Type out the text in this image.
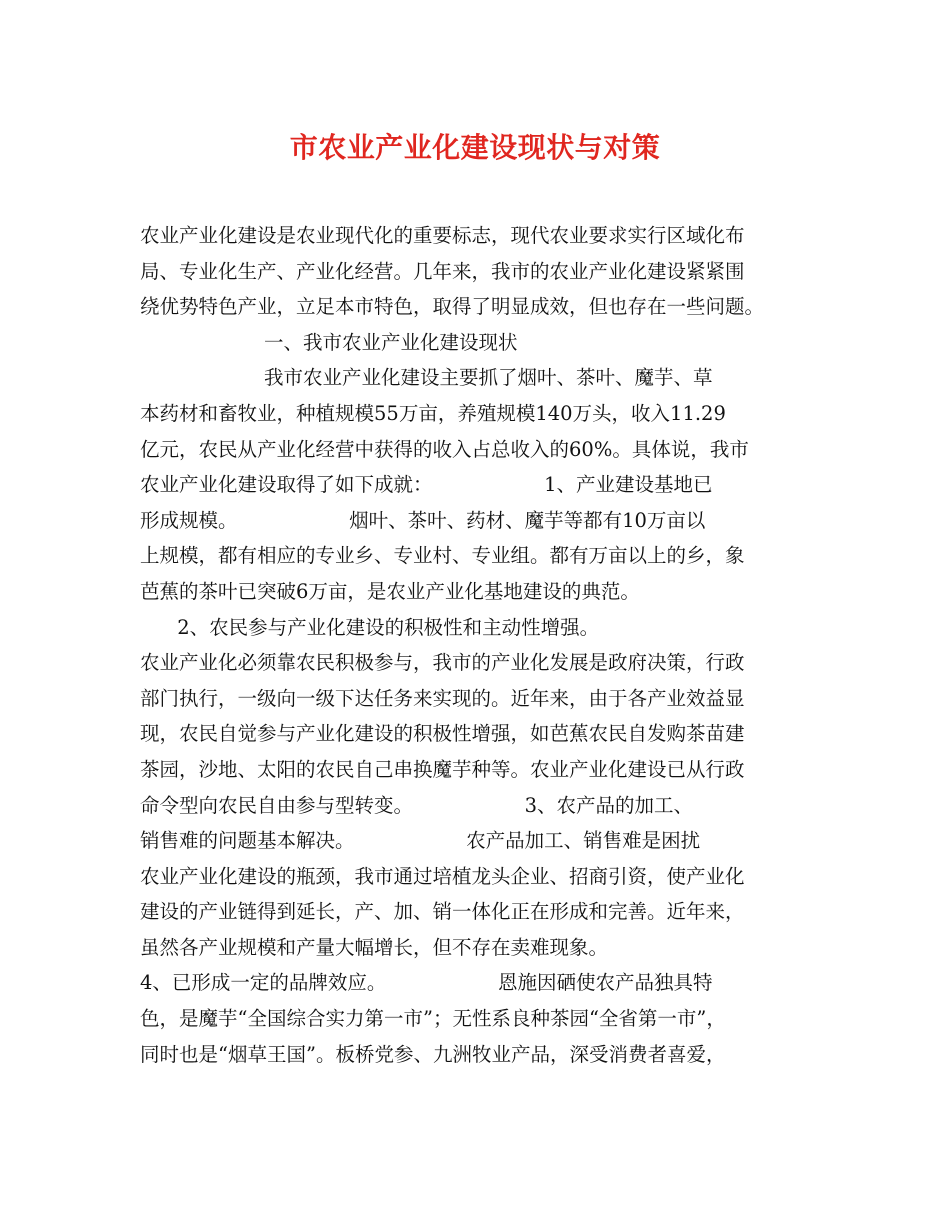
市农业产业化建设现状与对策
农业产业化建设是农业现代化的重要标志，现代农业要求实行区域化布
局、专业化生产、产业化经营。几年来，我市的农业产业化建设紧紧围
绕优势特色产业，立足本市特色，取得了明显成效，但也存在一些问题。
一、我市农业产业化建设现状
我市农业产业化建设主要抓了烟叶、茶叶、魔芋、草
本药材和畜牧业，种植规模55万亩，养殖规模140万头，收入11.29
亿元，农民从产业化经营中获得的收入占总收入的60%。具体说，我市
农业产业化建设取得了如下成就：                  1、产业建设基地已
形成规模。                  烟叶、茶叶、药材、魔芋等都有10万亩以
上规模，都有相应的专业乡、专业村、专业组。都有万亩以上的乡，象
芭蕉的茶叶已突破6万亩，是农业产业化基地建设的典范。
2、农民参与产业化建设的积极性和主动性增强。
农业产业化必须靠农民积极参与，我市的产业化发展是政府决策，行政
部门执行，一级向一级下达任务来实现的。近年来，由于各产业效益显
现，农民自觉参与产业化建设的积极性增强，如芭蕉农民自发购茶苗建
茶园，沙地、太阳的农民自己串换魔芋种等。农业产业化建设已从行政
命令型向农民自由参与型转变。                  3、农产品的加工、
销售难的问题基本解决。                  农产品加工、销售难是困扰
农业产业化建设的瓶颈，我市通过培植龙头企业、招商引资，使产业化
建设的产业链得到延长，产、加、销一体化正在形成和完善。近年来，
虽然各产业规模和产量大幅增长，但不存在卖难现象。
4、已形成一定的品牌效应。                  恩施因硒使农产品独具特
色，是魔芋“全国综合实力第一市”；无性系良种茶园“全省第一市”，
同时也是“烟草王国”。板桥党参、九洲牧业产品，深受消费者喜爱，
